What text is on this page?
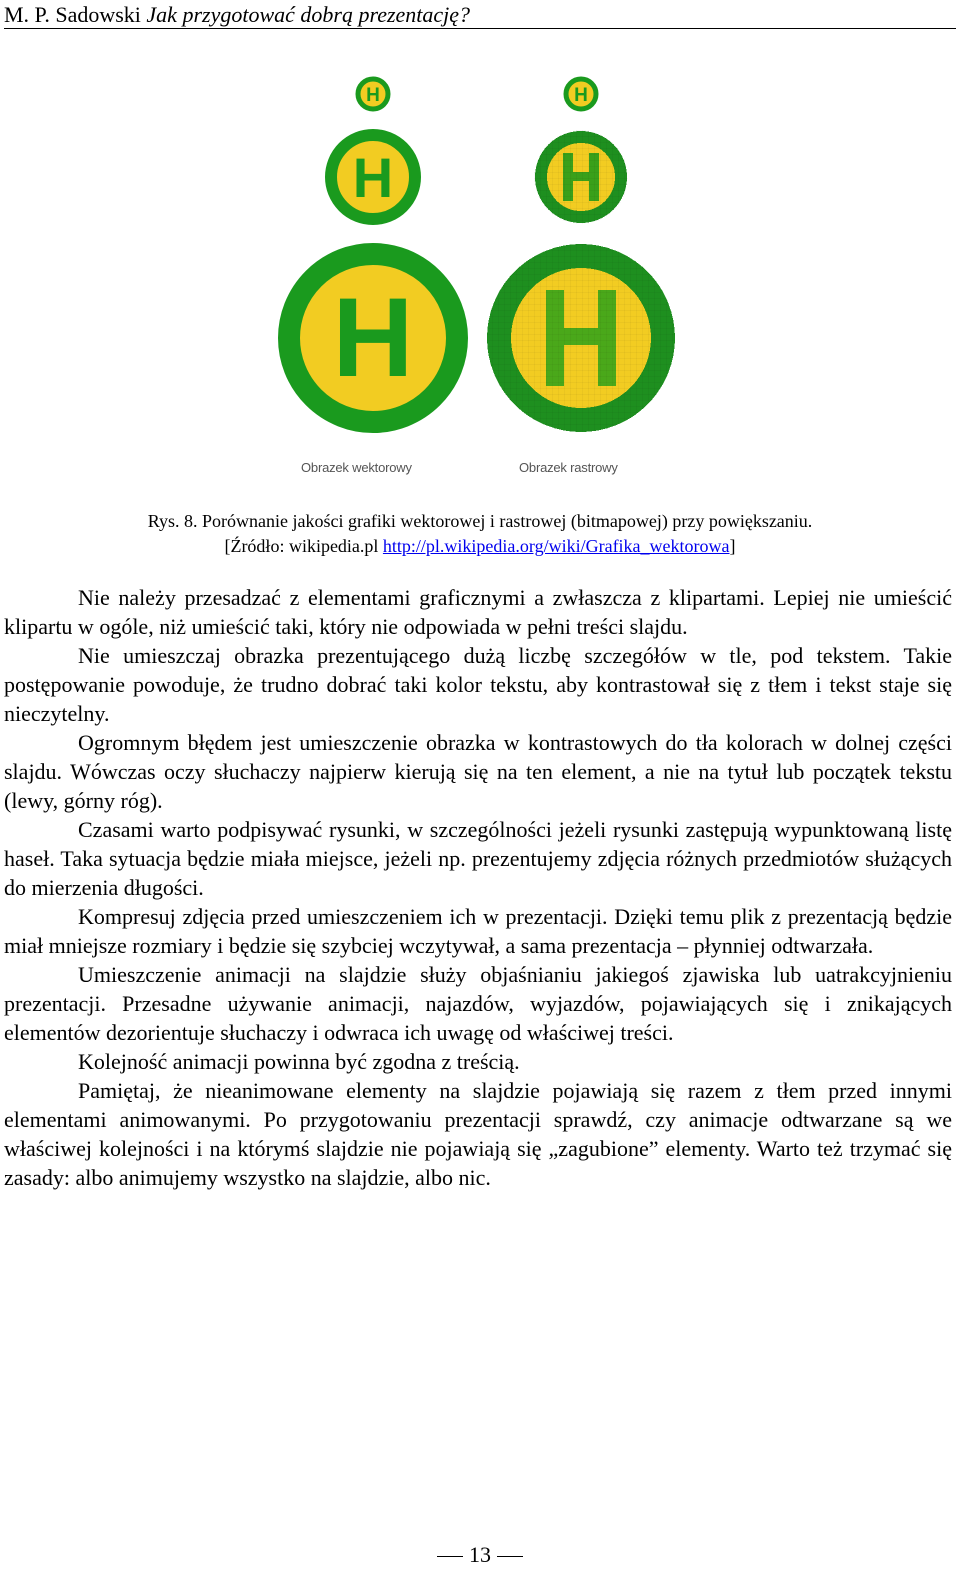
M. P. Sadowski Jak przygotować dobrą prezentację?
H
H
H
H
Obrazek wektorowy	Obrazek rastrowy
Rys. 8. Porównanie jakości grafiki wektorowej i rastrowej (bitmapowej) przy powiększaniu.
[Źródło: wikipedia.pl http://pl.wikipedia.org/wiki/Grafika_wektorowa]

Nie należy przesadzać z elementami graficznymi a zwłaszcza z klipartami. Lepiej nie umieścić klipartu w ogóle, niż umieścić taki, który nie odpowiada w pełni treści slajdu.

Nie umieszczaj obrazka prezentującego dużą liczbę szczegółów w tle, pod tekstem. Takie postępowanie powoduje, że trudno dobrać taki kolor tekstu, aby kontrastował się z tłem i tekst staje się nieczytelny.

Ogromnym błędem jest umieszczenie obrazka w kontrastowych do tła kolorach w dolnej części slajdu. Wówczas oczy słuchaczy najpierw kierują się na ten element, a nie na tytuł lub początek tekstu (lewy, górny róg).

Czasami warto podpisywać rysunki, w szczególności jeżeli rysunki zastępują wypunktowaną listę haseł. Taka sytuacja będzie miała miejsce, jeżeli np. prezentujemy zdjęcia różnych przedmiotów służących do mierzenia długości.

Kompresuj zdjęcia przed umieszczeniem ich w prezentacji. Dzięki temu plik z prezentacją będzie miał mniejsze rozmiary i będzie się szybciej wczytywał, a sama prezentacja – płynniej odtwarzała.

Umieszczenie animacji na slajdzie służy objaśnianiu jakiegoś zjawiska lub uatrakcyjnieniu prezentacji. Przesadne używanie animacji, najazdów, wyjazdów, pojawiających się i znikających elementów dezorientuje słuchaczy i odwraca ich uwagę od właściwej treści.

Kolejność animacji powinna być zgodna z treścią.

Pamiętaj, że nieanimowane elementy na slajdzie pojawiają się razem z tłem przed innymi elementami animowanymi. Po przygotowaniu prezentacji sprawdź, czy animacje odtwarzane są we właściwej kolejności i na którymś slajdzie nie pojawiają się „zagubione” elementy. Warto też trzymać się zasady: albo animujemy wszystko na slajdzie, albo nic.

13
